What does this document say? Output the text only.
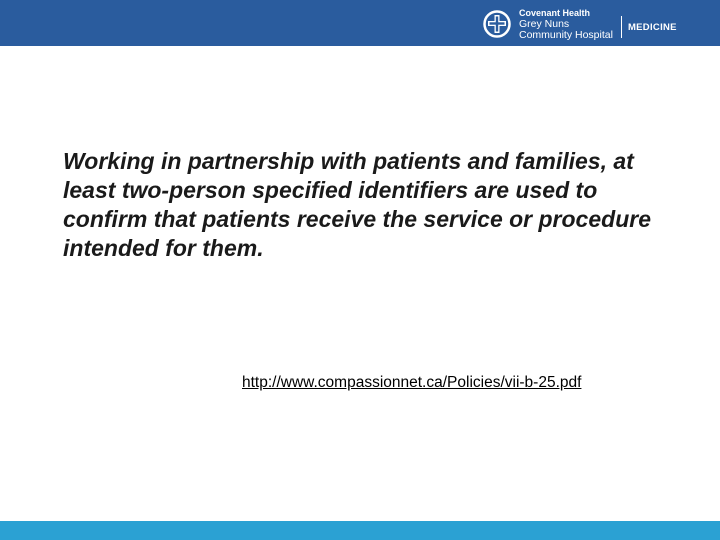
Covenant Health
Grey Nuns
Community Hospital
MEDICINE

Working in partnership with patients and families, at least two-person specified identifiers are used to confirm that patients receive the service or procedure intended for them.

http://www.compassionnet.ca/Policies/vii-b-25.pdf
